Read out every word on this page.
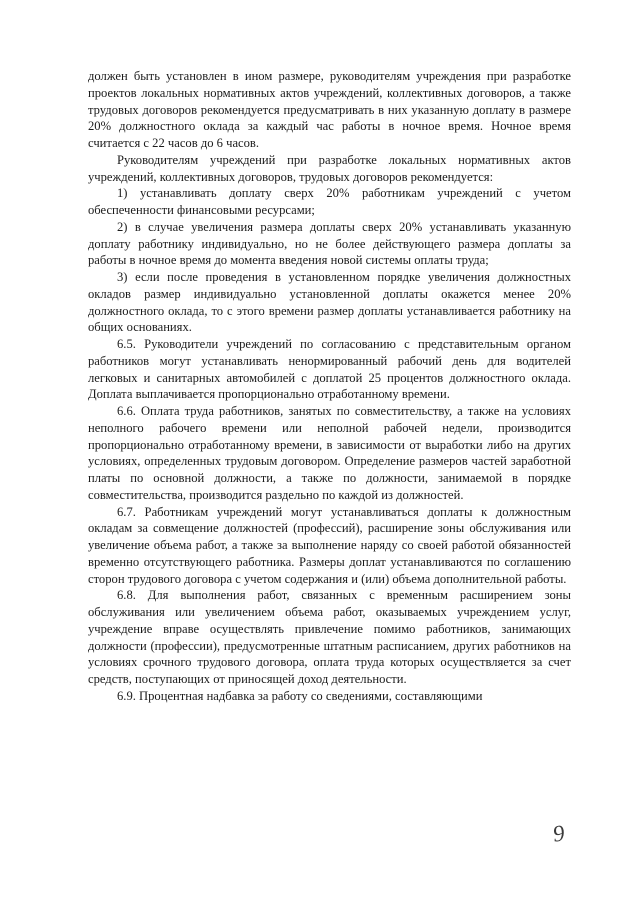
должен быть установлен в ином размере, руководителям учреждения при разработке проектов локальных нормативных актов учреждений, коллективных договоров, а также трудовых договоров рекомендуется предусматривать в них указанную доплату в размере 20% должностного оклада за каждый час работы в ночное время. Ночное время считается с 22 часов до 6 часов.

Руководителям учреждений при разработке локальных нормативных актов учреждений, коллективных договоров, трудовых договоров рекомендуется:

1) устанавливать доплату сверх 20% работникам учреждений с учетом обеспеченности финансовыми ресурсами;

2) в случае увеличения размера доплаты сверх 20% устанавливать указанную доплату работнику индивидуально, но не более действующего размера доплаты за работы в ночное время до момента введения новой системы оплаты труда;

3) если после проведения в установленном порядке увеличения должностных окладов размер индивидуально установленной доплаты окажется менее 20% должностного оклада, то с этого времени размер доплаты устанавливается работнику на общих основаниях.

6.5. Руководители учреждений по согласованию с представительным органом работников могут устанавливать ненормированный рабочий день для водителей легковых и санитарных автомобилей с доплатой 25 процентов должностного оклада. Доплата выплачивается пропорционально отработанному времени.

6.6. Оплата труда работников, занятых по совместительству, а также на условиях неполного рабочего времени или неполной рабочей недели, производится пропорционально отработанному времени, в зависимости от выработки либо на других условиях, определенных трудовым договором. Определение размеров частей заработной платы по основной должности, а также по должности, занимаемой в порядке совместительства, производится раздельно по каждой из должностей.

6.7. Работникам учреждений могут устанавливаться доплаты к должностным окладам за совмещение должностей (профессий), расширение зоны обслуживания или увеличение объема работ, а также за выполнение наряду со своей работой обязанностей временно отсутствующего работника. Размеры доплат устанавливаются по соглашению сторон трудового договора с учетом содержания и (или) объема дополнительной работы.

6.8. Для выполнения работ, связанных с временным расширением зоны обслуживания или увеличением объема работ, оказываемых учреждением услуг, учреждение вправе осуществлять привлечение помимо работников, занимающих должности (профессии), предусмотренные штатным расписанием, других работников на условиях срочного трудового договора, оплата труда которых осуществляется за счет средств, поступающих от приносящей доход деятельности.

6.9. Процентная надбавка за работу со сведениями, составляющими

9
